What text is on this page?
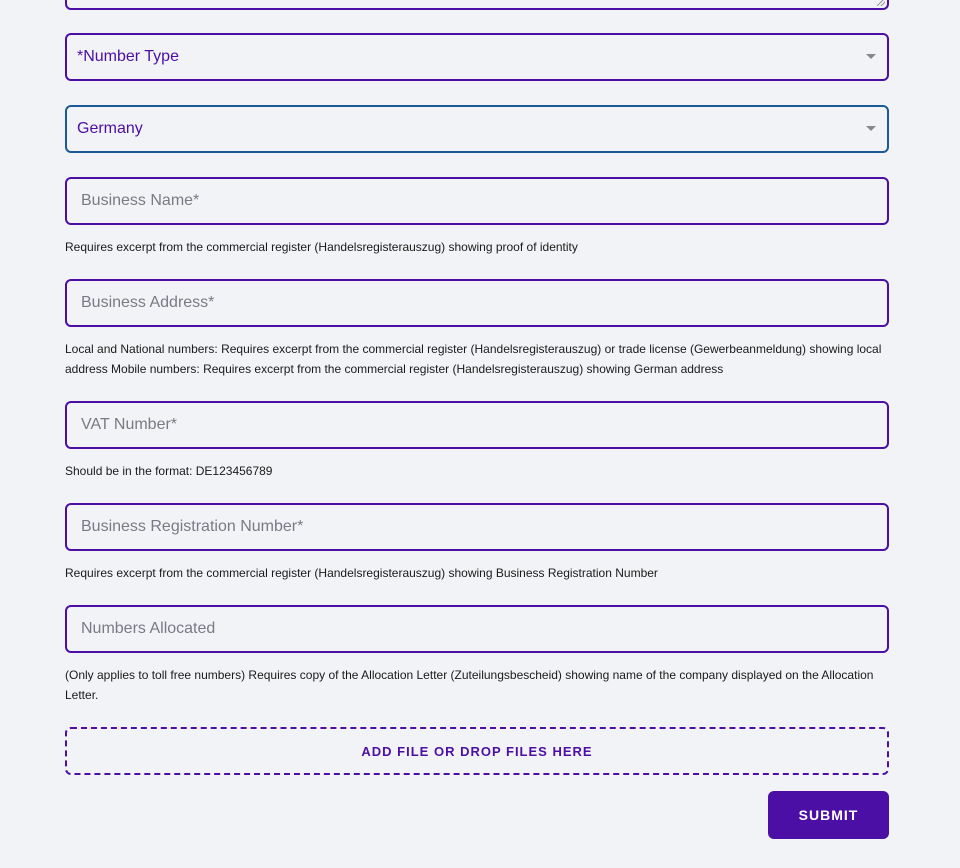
*Number Type
Germany
Business Name*
Requires excerpt from the commercial register (Handelsregisterauszug) showing proof of identity
Business Address*
Local and National numbers: Requires excerpt from the commercial register (Handelsregisterauszug) or trade license (Gewerbeanmeldung) showing local address Mobile numbers: Requires excerpt from the commercial register (Handelsregisterauszug) showing German address
VAT Number*
Should be in the format: DE123456789
Business Registration Number*
Requires excerpt from the commercial register (Handelsregisterauszug) showing Business Registration Number
Numbers Allocated
(Only applies to toll free numbers) Requires copy of the Allocation Letter (Zuteilungsbescheid) showing name of the company displayed on the Allocation Letter.
ADD FILE OR DROP FILES HERE
SUBMIT
